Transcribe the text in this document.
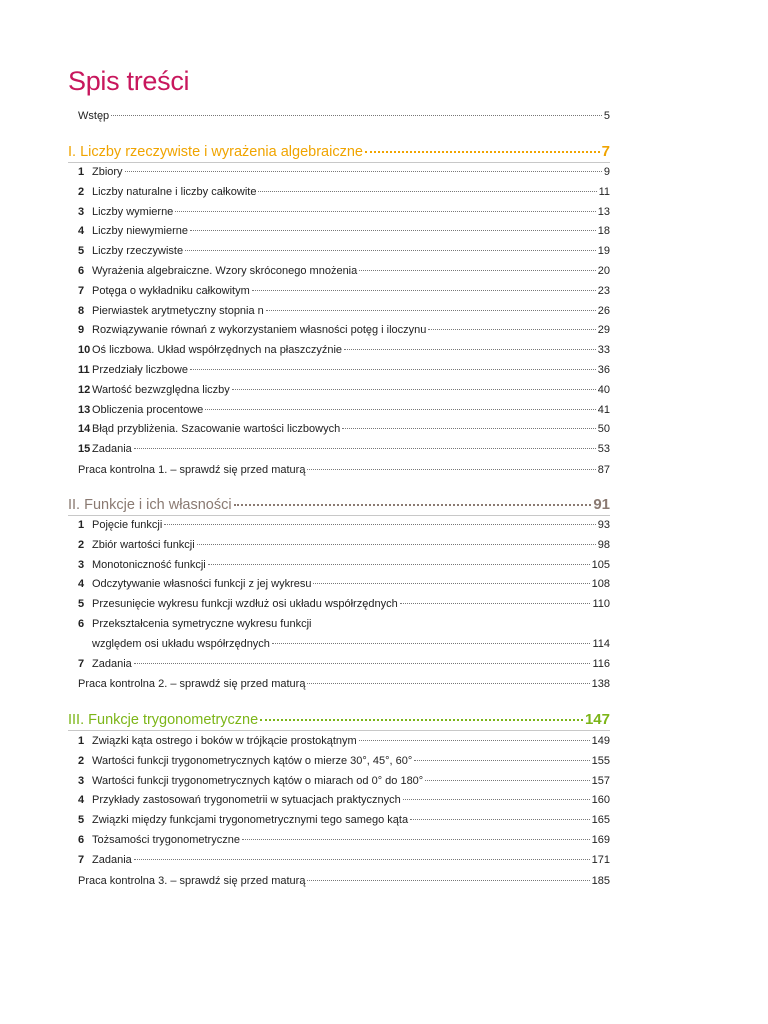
Spis treści
Wstęp	5
I. Liczby rzeczywiste i wyrażenia algebraiczne	7
1 Zbiory	9
2 Liczby naturalne i liczby całkowite	11
3 Liczby wymierne	13
4 Liczby niewymierne	18
5 Liczby rzeczywiste	19
6 Wyrażenia algebraiczne. Wzory skróconego mnożenia	20
7 Potęga o wykładniku całkowitym	23
8 Pierwiastek arytmetyczny stopnia n	26
9 Rozwiązywanie równań z wykorzystaniem własności potęg i iloczynu	29
10 Oś liczbowa. Układ współrzędnych na płaszczyźnie	33
11 Przedziały liczbowe	36
12 Wartość bezwzględna liczby	40
13 Obliczenia procentowe	41
14 Błąd przybliżenia. Szacowanie wartości liczbowych	50
15 Zadania	53
Praca kontrolna 1. – sprawdź się przed maturą	87
II. Funkcje i ich własności	91
1 Pojęcie funkcji	93
2 Zbiór wartości funkcji	98
3 Monotoniczność funkcji	105
4 Odczytywanie własności funkcji z jej wykresu	108
5 Przesunięcie wykresu funkcji wzdłuż osi układu współrzędnych	110
6 Przekształcenia symetryczne wykresu funkcji
względem osi układu współrzędnych	114
7 Zadania	116
Praca kontrolna 2. – sprawdź się przed maturą	138
III. Funkcje trygonometryczne	147
1 Związki kąta ostrego i boków w trójkącie prostokątnym	149
2 Wartości funkcji trygonometrycznych kątów o mierze 30°, 45°, 60°	155
3 Wartości funkcji trygonometrycznych kątów o miarach od 0° do 180°	157
4 Przykłady zastosowań trygonometrii w sytuacjach praktycznych	160
5 Związki między funkcjami trygonometrycznymi tego samego kąta	165
6 Tożsamości trygonometryczne	169
7 Zadania	171
Praca kontrolna 3. – sprawdź się przed maturą	185
